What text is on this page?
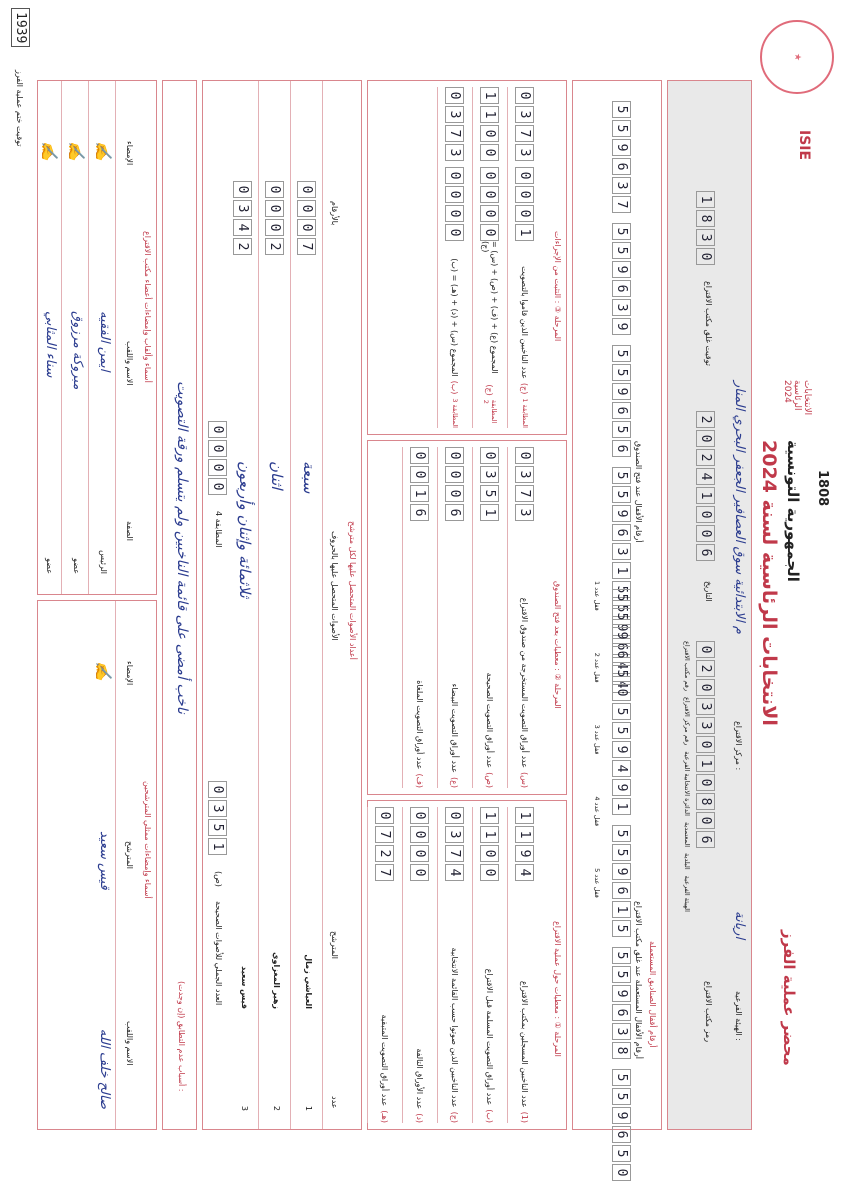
الجمهورية التونسية
الانتخابات الرئاسية لسنة 2024
محضر عملية الفرز
1808
الانتخابات الرئاسية 2024
ISIE
★
الهيئة الفرعية :
اريانة
مركز الاقتراع :
م الابتدائية سوق العصافير الجعفر البحري المنار
رمز مكتب الاقتراع
0
2
0
3
3
0
1
0
8
0
6
التاريخ
2
0
2
4
1
0
0
6
توقيت غلق مكتب الاقتراع
1
8
3
0
رقم مكتب الاقتراع
رقم مركز الاقتراع
الدائرة الانتخابية الفرعية
المعتمدية
البلدية
الهيئة الفرعية
أرقام أقفال الصناديق المستعملة
أرقام الأقفال المستعملة عند غلق مكتب الاقتراع
5
5
9
6
4
4
5
5
9
4
9
1
5
5
9
6
1
5
5
5
9
6
3
8
5
5
9
6
5
0
أرقام الأقفال عند فتح الصندوق
5
5
9
6
3
7
5
5
9
6
3
9
5
5
9
6
5
6
5
5
9
6
3
1
5
5
9
6
5
0
قفل عدد 1
قفل عدد 2
قفل عدد 3
قفل عدد 4
قفل عدد 5
المرحلة ① : معطيات حول عملية الاقتراع
1
1
9
4
عدد الناخبين المسجلين بمكتب الاقتراع
(1)
1
1
0
0
عدد أوراق التصويت المسلمة قبل الاقتراع
(ب)
0
3
7
4
عدد الناخبين الذين صوتوا حسب القائمة الانتخابية
(ج)
0
0
0
0
عدد الأوراق التالفة
(د)
0
7
2
7
عدد أوراق التصويت المتبقية
(هـ)
المرحلة ② : معطيات بعد فتح الصندوق
0
3
7
3
عدد أوراق التصويت المستخرجة من صندوق الاقتراع
(س)
0
3
5
1
عدد أوراق التصويت الصحيحة
(ص)
0
0
0
6
عدد أوراق التصويت البيضاء
(ع)
0
0
1
6
عدد أوراق التصويت الملغاة
(ف)
المرحلة ③ : التثبت من الإجراءات
0
3
7
3
0
0
0
1
عدد الناخبين الذين قاموا بالتصويت
(ج)
المطابقة 1
1
1
0
0
0
0
0
0
المجموع (ع) + (ف) + (ص) + (س) = (ج)
(ج)
المطابقة 2
0
3
7
3
0
0
0
0
المجموع (س) + (د) + (هـ) = (ب)
(ب)
المطابقة 3
أعداد الأصوات المتحصل عليها لكل مترشح
عدد
المترشح
الأصوات المتحصل عليها بالحروف
بالأرقام
1
العياشي زمال
سبعة
0
0
0
7
2
زهير المغزاوي
اثنان
0
0
0
2
3
قيس سعيد
ثلاثمائة وإثنان وأربعون
0
3
4
2
العدد الجملي للأصوات الصحيحة
(ص)
0
3
5
1
المطابقة 4
0
0
0
0
أسباب عدم التطابق (إن وجدت) :
ناخب أمضى على قائمة الناخبين ولم يتسلم ورقة التصويت
أسماء وإمضاءات ممثلي المترشحين
الاسم واللقب
المترشح
الإمضاء
صالح خلف الله
قيس سعيد
✍
أسماء وألقاب وإمضاءات أعضاء مكتب الاقتراع
الصفة
الاسم واللقب
الإمضاء
الرئيس
ايمن الفقيه
✍
عضو
مبروكة مرزوق
✍
عضو
سناء المثابي
✍
1939
توقيت ختم عملية الفرز
